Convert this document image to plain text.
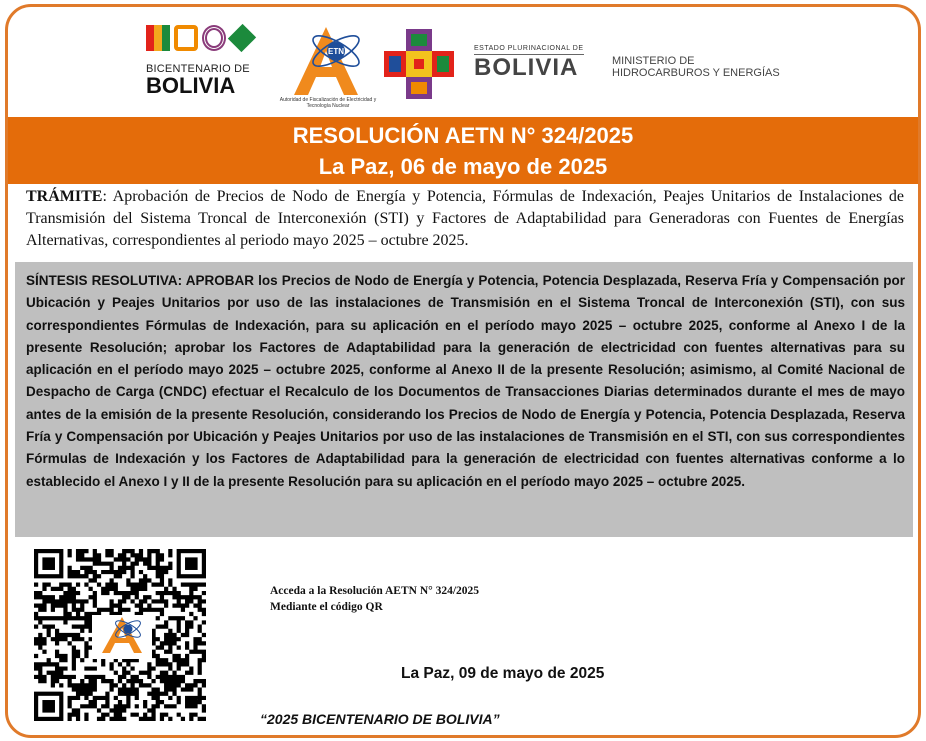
BICENTENARIO DE
BOLIVIA
ETN
Autoridad de Fiscalización de Electricidad y Tecnología Nuclear
ESTADO PLURINACIONAL DE
BOLIVIA	MINISTERIO DE
HIDROCARBUROS Y ENERGÍAS
RESOLUCIÓN AETN N° 324/2025
La Paz, 06 de mayo de 2025
TRÁMITE: Aprobación de Precios de Nodo de Energía y Potencia, Fórmulas de Indexación, Peajes Unitarios de Instalaciones de Transmisión del Sistema Troncal de Interconexión (STI) y Factores de Adaptabilidad para Generadoras con Fuentes de Energías Alternativas, correspondientes al periodo mayo 2025 – octubre 2025.
SÍNTESIS RESOLUTIVA: APROBAR los Precios de Nodo de Energía y Potencia, Potencia Desplazada, Reserva Fría y Compensación por Ubicación y Peajes Unitarios por uso de las instalaciones de Transmisión en el Sistema Troncal de Interconexión (STI), con sus correspondientes Fórmulas de Indexación, para su aplicación en el período mayo 2025 – octubre 2025, conforme al Anexo I de la presente Resolución; aprobar los Factores de Adaptabilidad para la generación de electricidad con fuentes alternativas para su aplicación en el período mayo 2025 – octubre 2025, conforme al Anexo II de la presente Resolución; asimismo, al Comité Nacional de Despacho de Carga (CNDC) efectuar el Recalculo de los Documentos de Transacciones Diarias determinados durante el mes de mayo antes de la emisión de la presente Resolución, considerando los Precios de Nodo de Energía y Potencia, Potencia Desplazada, Reserva Fría y Compensación por Ubicación y Peajes Unitarios por uso de las instalaciones de Transmisión en el STI, con sus correspondientes Fórmulas de Indexación y los Factores de Adaptabilidad para la generación de electricidad con fuentes alternativas conforme a lo establecido el Anexo I y II de la presente Resolución para su aplicación en el período mayo 2025 – octubre 2025.
Acceda a la Resolución AETN N° 324/2025
Mediante el código QR
La Paz, 09 de mayo de 2025
“2025 BICENTENARIO DE BOLIVIA”
